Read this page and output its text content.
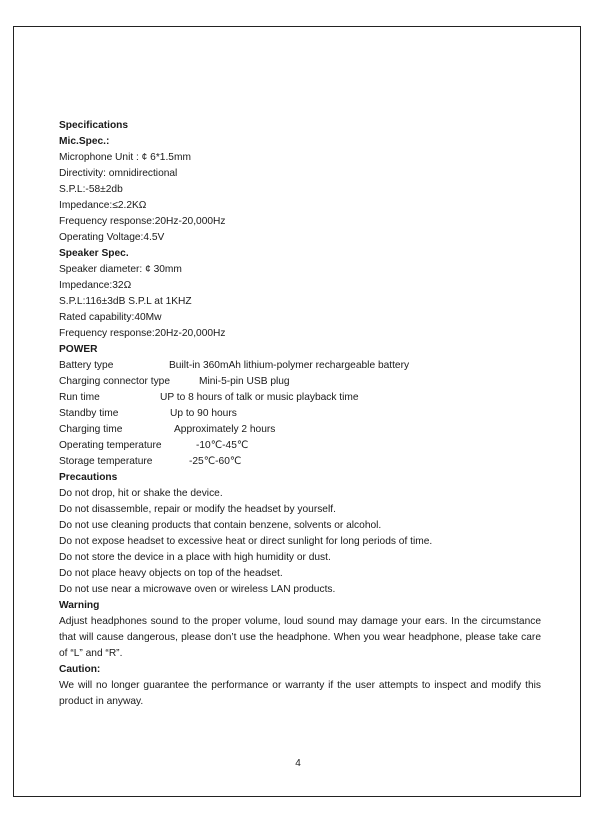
Specifications
Mic.Spec.:
Microphone Unit : ¢ 6*1.5mm
Directivity: omnidirectional
S.P.L:-58±2db
Impedance:≤2.2KΩ
Frequency response:20Hz-20,000Hz
Operating Voltage:4.5V
Speaker Spec.
Speaker diameter: ¢ 30mm
Impedance:32Ω
S.P.L:116±3dB S.P.L at 1KHZ
Rated capability:40Mw
Frequency response:20Hz-20,000Hz
POWER
Battery type	Built-in 360mAh lithium-polymer rechargeable battery
Charging connector type	Mini-5-pin USB plug
Run time	UP to 8 hours of talk or music playback time
Standby time	Up to 90 hours
Charging time	Approximately 2 hours
Operating temperature	-10℃-45℃
Storage temperature	-25℃-60℃
Precautions
Do not drop, hit or shake the device.
Do not disassemble, repair or modify the headset by yourself.
Do not use cleaning products that contain benzene, solvents or alcohol.
Do not expose headset to excessive heat or direct sunlight for long periods of time.
Do not store the device in a place with high humidity or dust.
Do not place heavy objects on top of the headset.
Do not use near a microwave oven or wireless LAN products.
Warning
Adjust headphones sound to the proper volume, loud sound may damage your ears. In the circumstance that will cause dangerous, please don’t use the headphone. When you wear headphone, please take care of “L” and “R”.
Caution:
We will no longer guarantee the performance or warranty if the user attempts to inspect and modify this product in anyway.
4
